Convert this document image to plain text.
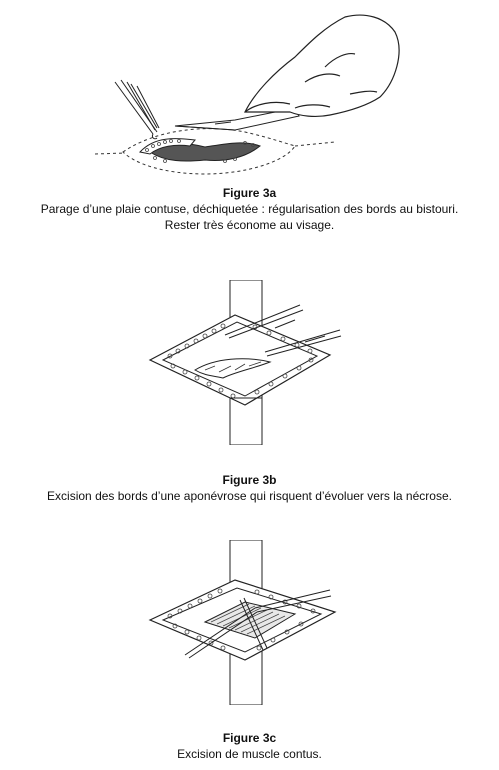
Figure 3a
Parage d’une plaie contuse, déchiquetée : régularisation des bords au bistouri.
Rester très économe au visage.
Figure 3b
Excision des bords d’une aponévrose qui risquent d’évoluer vers la nécrose.
Figure 3c
Excision de muscle contus.
